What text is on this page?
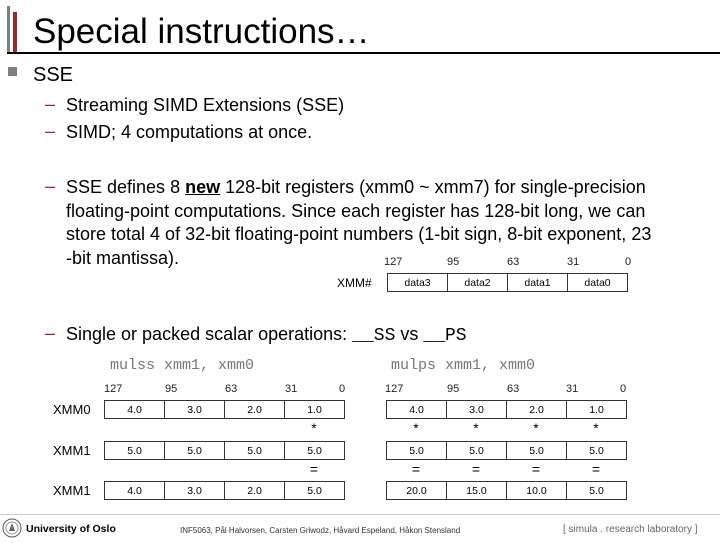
Special instructions…
SSE
– Streaming SIMD Extensions (SSE)
– SIMD; 4 computations at once.
– SSE defines 8 new 128-bit registers (xmm0 ~ xmm7) for single-precision
floating-point computations. Since each register has 128-bit long, we can
store total 4 of 32-bit floating-point numbers (1-bit sign, 8-bit exponent, 23
-bit mantissa).	127	95	63	31	0
XMM#	data3	data2	data1	data0
– Single or packed scalar operations: __SS vs __PS
mulss xmm1, xmm0
127	95	63	31	0
XMM0	4.0	3.0	2.0	1.0
*
XMM1	5.0	5.0	5.0	5.0
=
XMM1	4.0	3.0	2.0	5.0
mulps xmm1, xmm0
127	95	63	31	0
4.0	3.0	2.0	1.0
*	*	*	*
5.0	5.0	5.0	5.0
=	=	=	=
20.0	15.0	10.0	5.0
University of Oslo	INF5063, Pål Halvorsen, Carsten Griwodz, Håvard Espeland, Håkon Stensland	[ simula . research laboratory ]
